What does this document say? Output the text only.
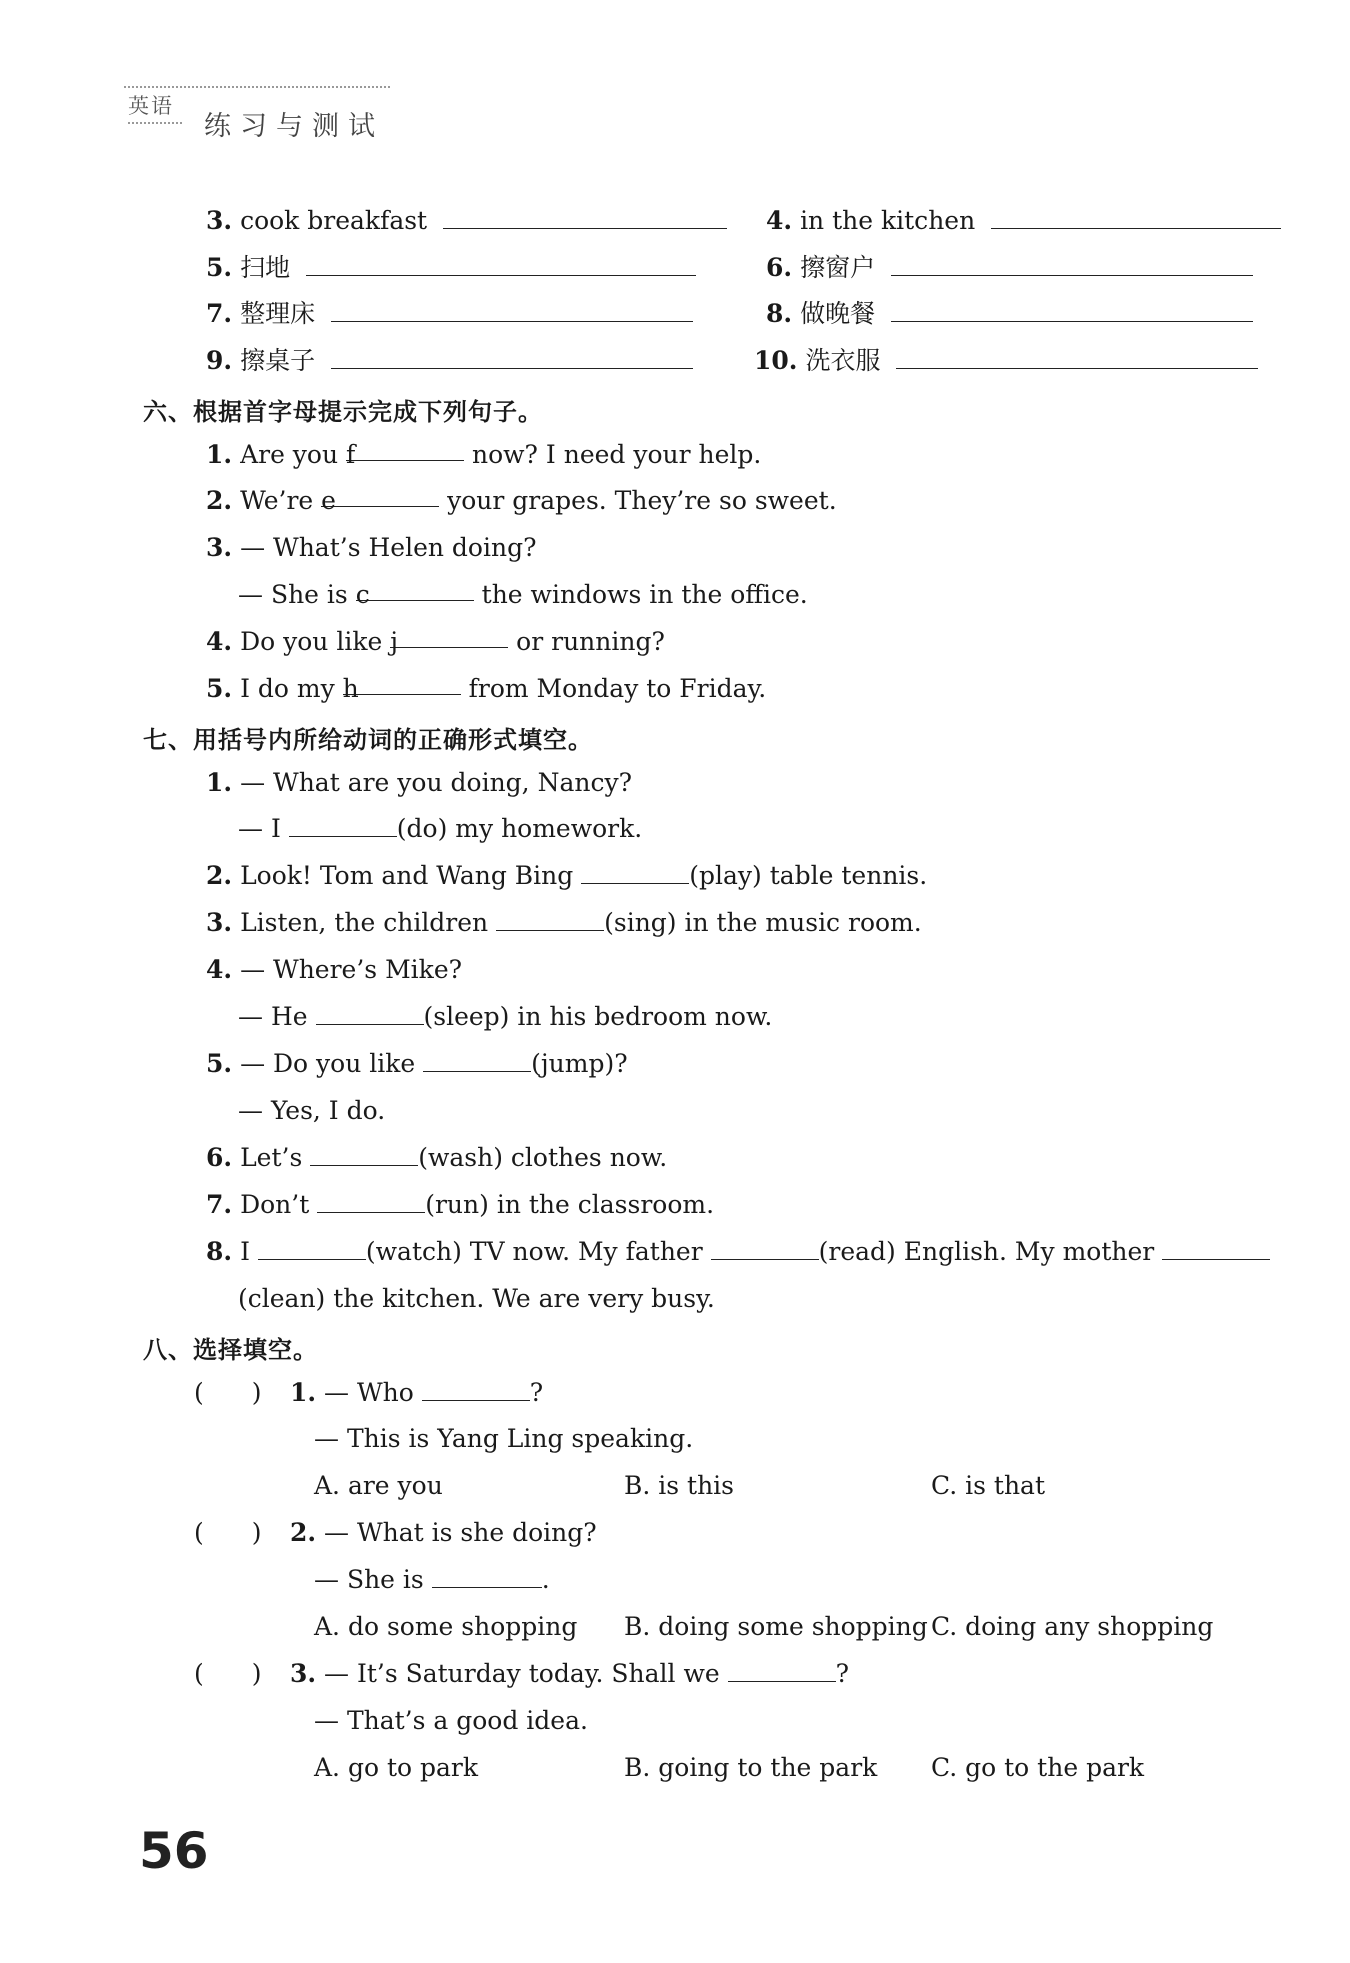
英语
练习与测试
3. cook breakfast	4. in the kitchen
5. 扫地	6. 擦窗户
7. 整理床	8. 做晚餐
9. 擦桌子	10. 洗衣服
六、根据首字母提示完成下列句子。
1. Are you f	now? I need your help.
2. We’re e	your grapes. They’re so sweet.
3. — What’s Helen doing?
— She is c	the windows in the office.
4. Do you like j	or running?
5. I do my h	from Monday to Friday.
七、用括号内所给动词的正确形式填空。
1. — What are you doing, Nancy?
— I	(do) my homework.
2. Look! Tom and Wang Bing	(play) table tennis.
3. Listen, the children	(sing) in the music room.
4. — Where’s Mike?
— He	(sleep) in his bedroom now.
5. — Do you like	(jump)?
— Yes, I do.
6. Let’s	(wash) clothes now.
7. Don’t	(run) in the classroom.
8. I	(watch) TV now. My father	(read) English. My mother
(clean) the kitchen. We are very busy.
八、选择填空。
( ) 1. — Who	?
— This is Yang Ling speaking.
A. are you	B. is this	C. is that
( ) 2. — What is she doing?
— She is	.
A. do some shopping B. doing some shopping C. doing any shopping
( ) 3. — It’s Saturday today. Shall we	?
— That’s a good idea.
A. go to park	B. going to the park C. go to the park
56
